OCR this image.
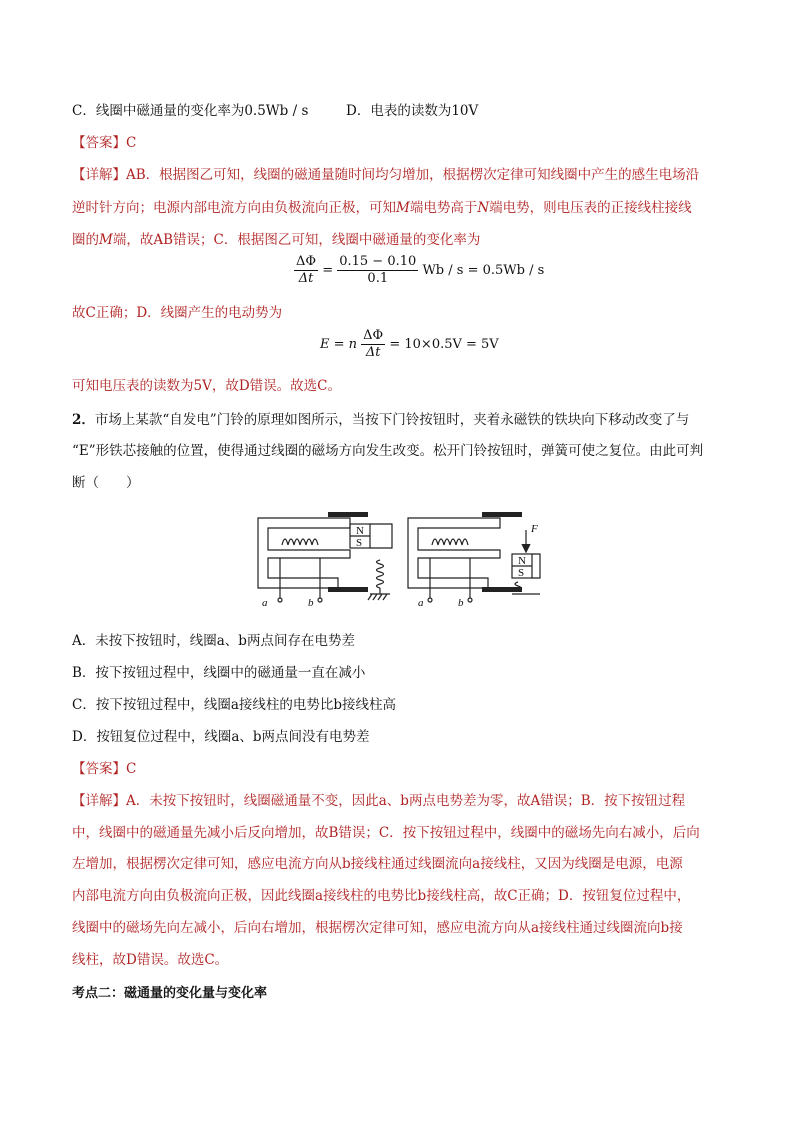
C．线圈中磁通量的变化率为0.5Wb / s	D．电表的读数为10V
【答案】C
【详解】AB．根据图乙可知，线圈的磁通量随时间均匀增加，根据楞次定律可知线圈中产生的感生电场沿
逆时针方向；电源内部电流方向由负极流向正极，可知M端电势高于N端电势，则电压表的正接线柱接线
圈的M端，故AB错误；C．根据图乙可知，线圈中磁通量的变化率为
$\frac{\Delta\Phi}{\Delta t} = \frac{0.15 - 0.10}{0.1}$ Wb / s = 0.5Wb / s
故C正确；D．线圈产生的电动势为
E = n $\frac{\Delta\Phi}{\Delta t} = 10\times 0.5V = 5V$
可知电压表的读数为5V，故D错误。故选C。
2．市场上某款“自发电”门铃的原理如图所示，当按下门铃按钮时，夹着永磁铁的铁块向下移动改变了与
“E”形铁芯接触的位置，使得通过线圈的磁场方向发生改变。松开门铃按钮时，弹簧可使之复位。由此可判
断（　　）
N
S
N
S
a	b	a	b
F
A．未按下按钮时，线圈a、b两点间存在电势差
B．按下按钮过程中，线圈中的磁通量一直在减小
C．按下按钮过程中，线圈a接线柱的电势比b接线柱高
D．按钮复位过程中，线圈a、b两点间没有电势差
【答案】C
【详解】A．未按下按钮时，线圈磁通量不变，因此a、b两点电势差为零，故A错误；B．按下按钮过程
中，线圈中的磁通量先减小后反向增加，故B错误；C．按下按钮过程中，线圈中的磁场先向右减小，后向
左增加，根据楞次定律可知，感应电流方向从b接线柱通过线圈流向a接线柱，又因为线圈是电源，电源
内部电流方向由负极流向正极，因此线圈a接线柱的电势比b接线柱高，故C正确；D．按钮复位过程中，
线圈中的磁场先向左减小，后向右增加，根据楞次定律可知，感应电流方向从a接线柱通过线圈流向b接
线柱，故D错误。故选C。
考点二：磁通量的变化量与变化率
